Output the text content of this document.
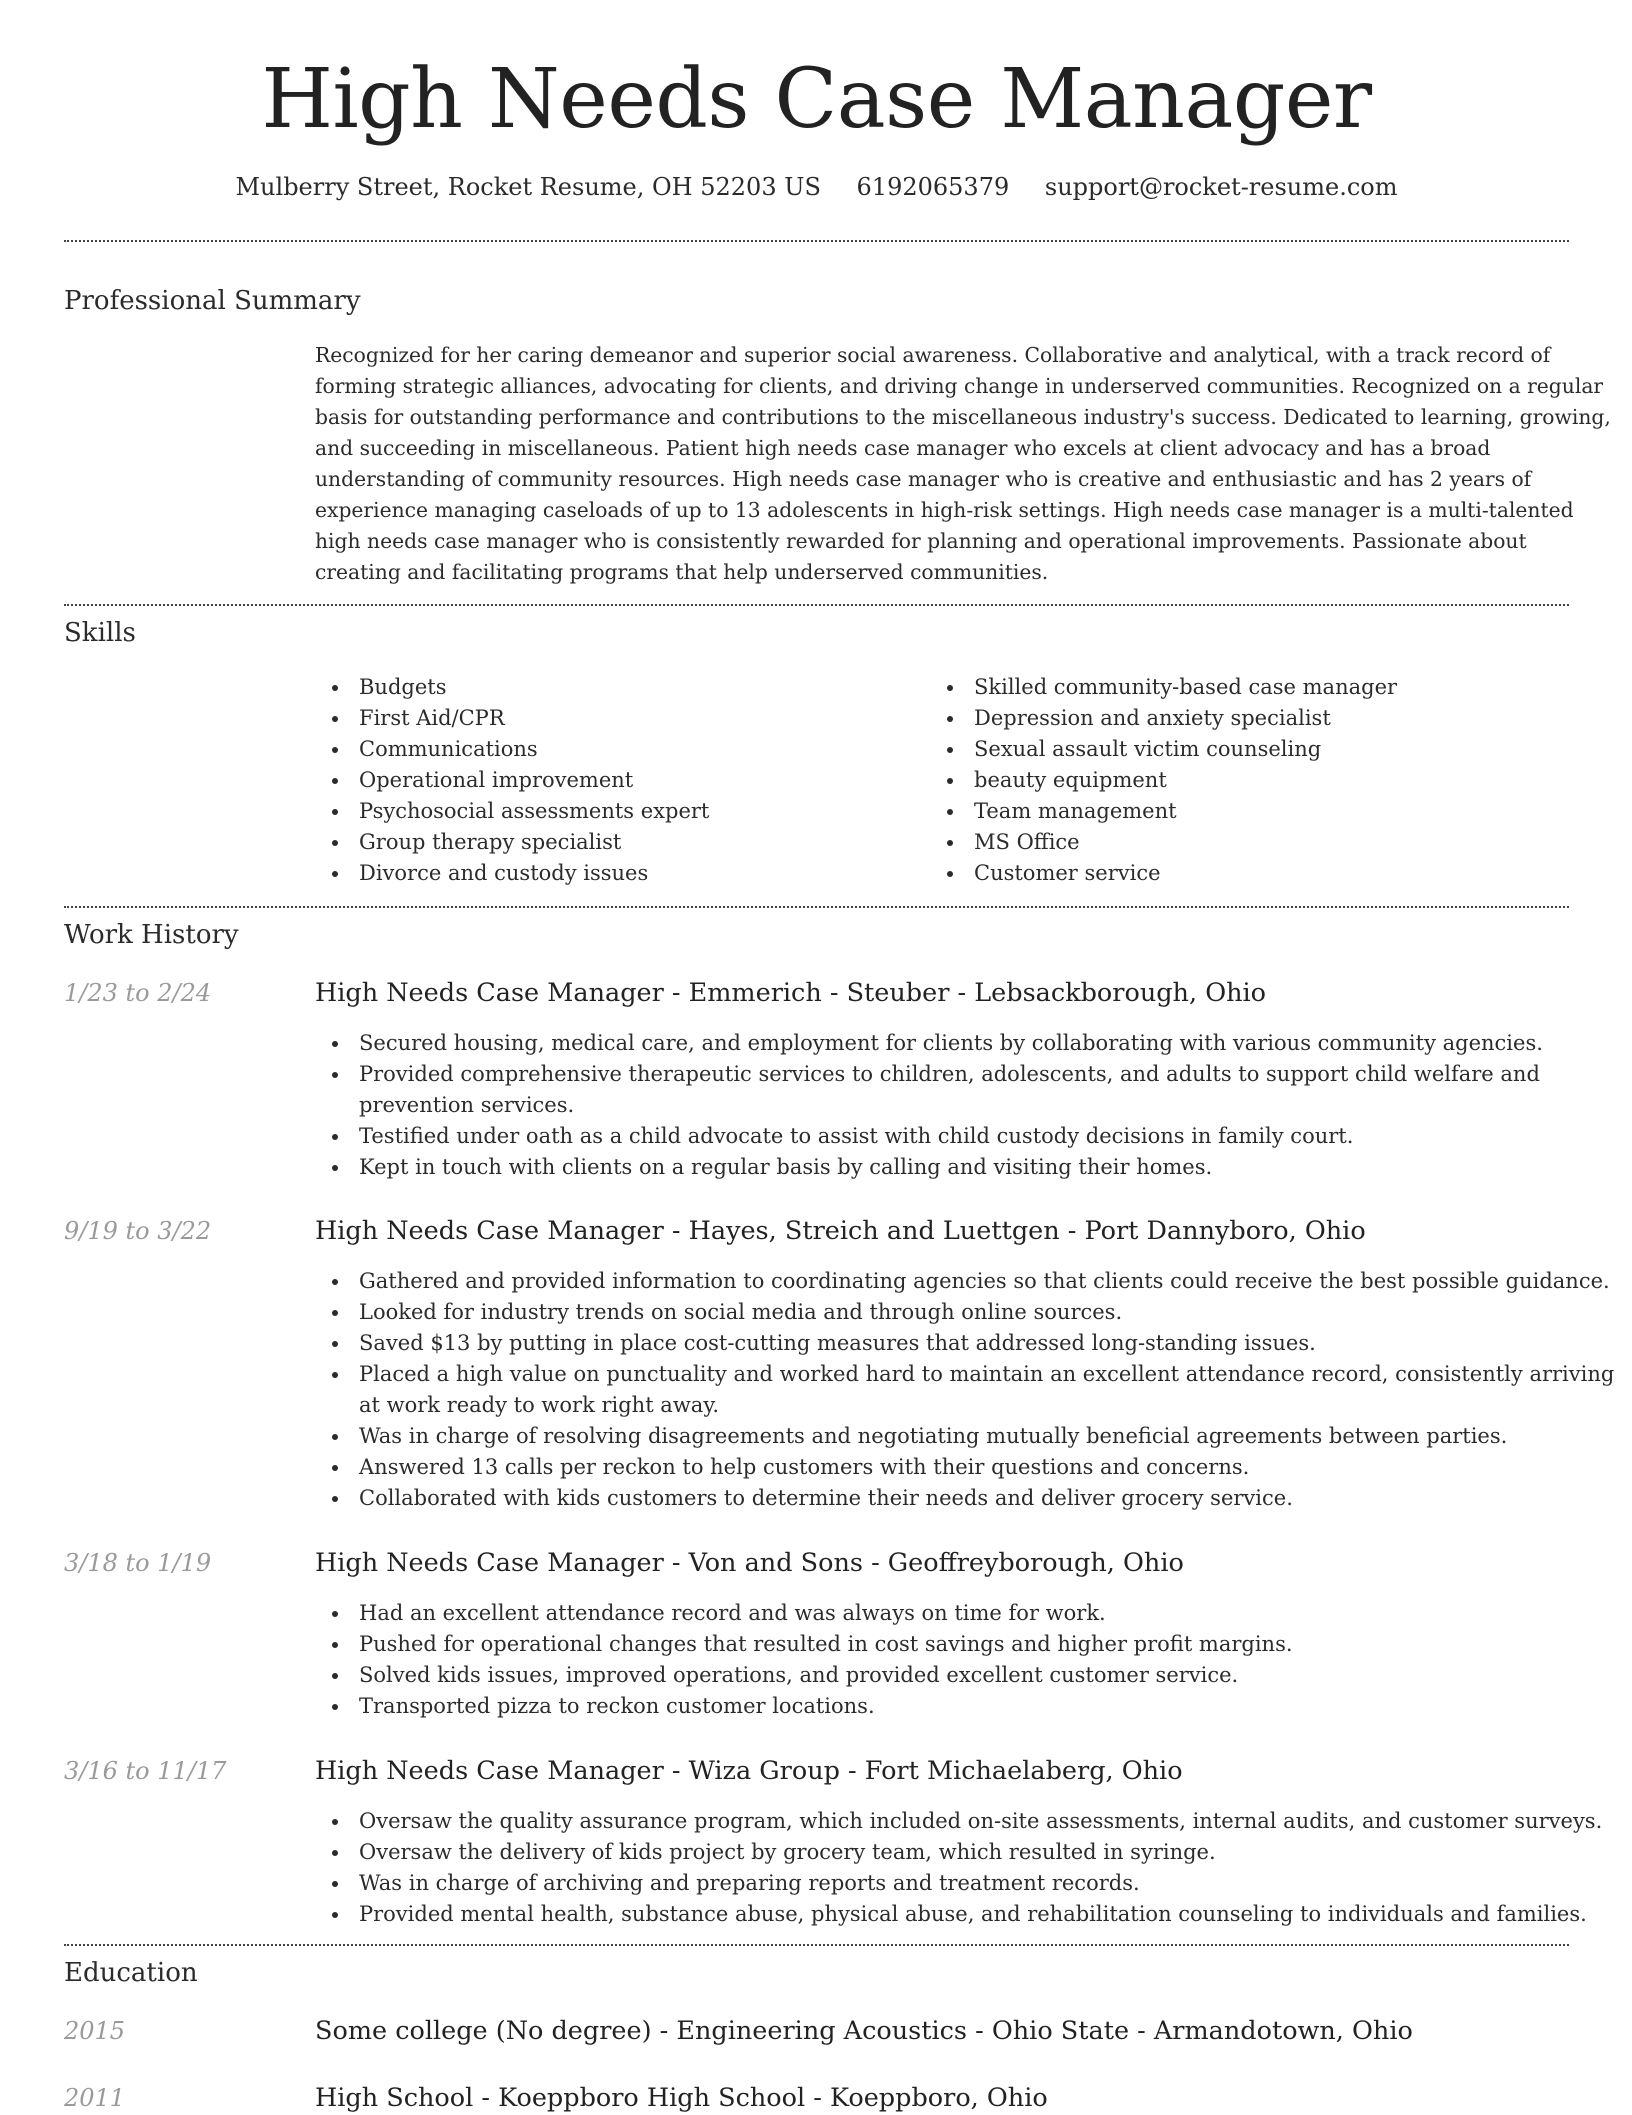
High Needs Case Manager
Mulberry Street, Rocket Resume, OH 52203 US 6192065379 support@rocket-resume.com
Professional Summary

Recognized for her caring demeanor and superior social awareness. Collaborative and analytical, with a track record of forming strategic alliances, advocating for clients, and driving change in underserved communities. Recognized on a regular basis for outstanding performance and contributions to the miscellaneous industry's success. Dedicated to learning, growing, and succeeding in miscellaneous. Patient high needs case manager who excels at client advocacy and has a broad understanding of community resources. High needs case manager who is creative and enthusiastic and has 2 years of experience managing caseloads of up to 13 adolescents in high-risk settings. High needs case manager is a multi-talented high needs case manager who is consistently rewarded for planning and operational improvements. Passionate about creating and facilitating programs that help underserved communities.

Skills
Budgets
First Aid/CPR
Communications
Operational improvement
Psychosocial assessments expert
Group therapy specialist
Divorce and custody issues
Skilled community-based case manager
Depression and anxiety specialist
Sexual assault victim counseling
beauty equipment
Team management
MS Office
Customer service
Work History
1/23 to 2/24	High Needs Case Manager - Emmerich - Steuber - Lebsackborough, Ohio
Secured housing, medical care, and employment for clients by collaborating with various community agencies.
Provided comprehensive therapeutic services to children, adolescents, and adults to support child welfare and prevention services.
Testified under oath as a child advocate to assist with child custody decisions in family court.
Kept in touch with clients on a regular basis by calling and visiting their homes.
9/19 to 3/22	High Needs Case Manager - Hayes, Streich and Luettgen - Port Dannyboro, Ohio
Gathered and provided information to coordinating agencies so that clients could receive the best possible guidance.
Looked for industry trends on social media and through online sources.
Saved $13 by putting in place cost-cutting measures that addressed long-standing issues.
Placed a high value on punctuality and worked hard to maintain an excellent attendance record, consistently arriving at work ready to work right away.
Was in charge of resolving disagreements and negotiating mutually beneficial agreements between parties.
Answered 13 calls per reckon to help customers with their questions and concerns.
Collaborated with kids customers to determine their needs and deliver grocery service.
3/18 to 1/19	High Needs Case Manager - Von and Sons - Geoffreyborough, Ohio
Had an excellent attendance record and was always on time for work.
Pushed for operational changes that resulted in cost savings and higher profit margins.
Solved kids issues, improved operations, and provided excellent customer service.
Transported pizza to reckon customer locations.
3/16 to 11/17	High Needs Case Manager - Wiza Group - Fort Michaelaberg, Ohio
Oversaw the quality assurance program, which included on-site assessments, internal audits, and customer surveys.
Oversaw the delivery of kids project by grocery team, which resulted in syringe.
Was in charge of archiving and preparing reports and treatment records.
Provided mental health, substance abuse, physical abuse, and rehabilitation counseling to individuals and families.
Education
2015	Some college (No degree) - Engineering Acoustics - Ohio State - Armandotown, Ohio
2011	High School - Koeppboro High School - Koeppboro, Ohio
